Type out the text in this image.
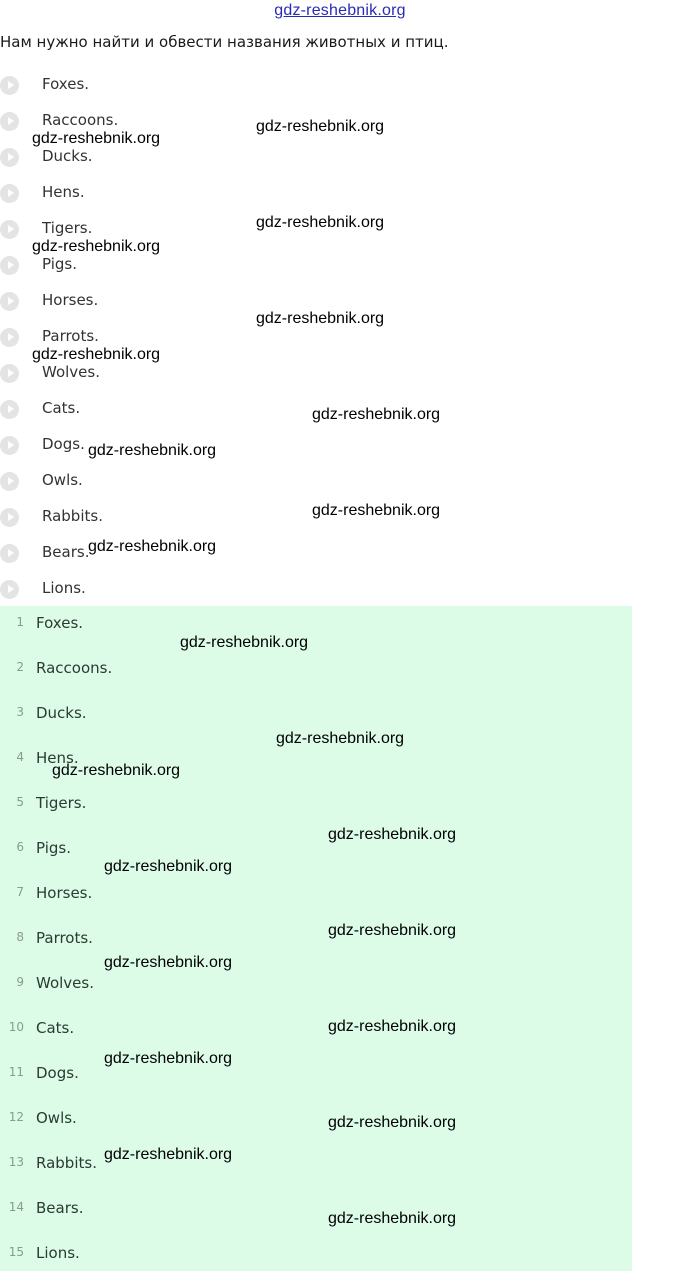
gdz-reshebnik.org
Нам нужно найти и обвести названия животных и птиц.
Foxes.
Raccoons.
Ducks.
Hens.
Tigers.
Pigs.
Horses.
Parrots.
Wolves.
Cats.
Dogs.
Owls.
Rabbits.
Bears.
Lions.
1 Foxes.
2 Raccoons.
3 Ducks.
4 Hens.
5 Tigers.
6 Pigs.
7 Horses.
8 Parrots.
9 Wolves.
10 Cats.
11 Dogs.
12 Owls.
13 Rabbits.
14 Bears.
15 Lions.
gdz-reshebnik.org
gdz-reshebnik.org
gdz-reshebnik.org
gdz-reshebnik.org
gdz-reshebnik.org
gdz-reshebnik.org
gdz-reshebnik.org
gdz-reshebnik.org
gdz-reshebnik.org
gdz-reshebnik.org
gdz-reshebnik.org
gdz-reshebnik.org
gdz-reshebnik.org
gdz-reshebnik.org
gdz-reshebnik.org
gdz-reshebnik.org
gdz-reshebnik.org
gdz-reshebnik.org
gdz-reshebnik.org
gdz-reshebnik.org
gdz-reshebnik.org
gdz-reshebnik.org
